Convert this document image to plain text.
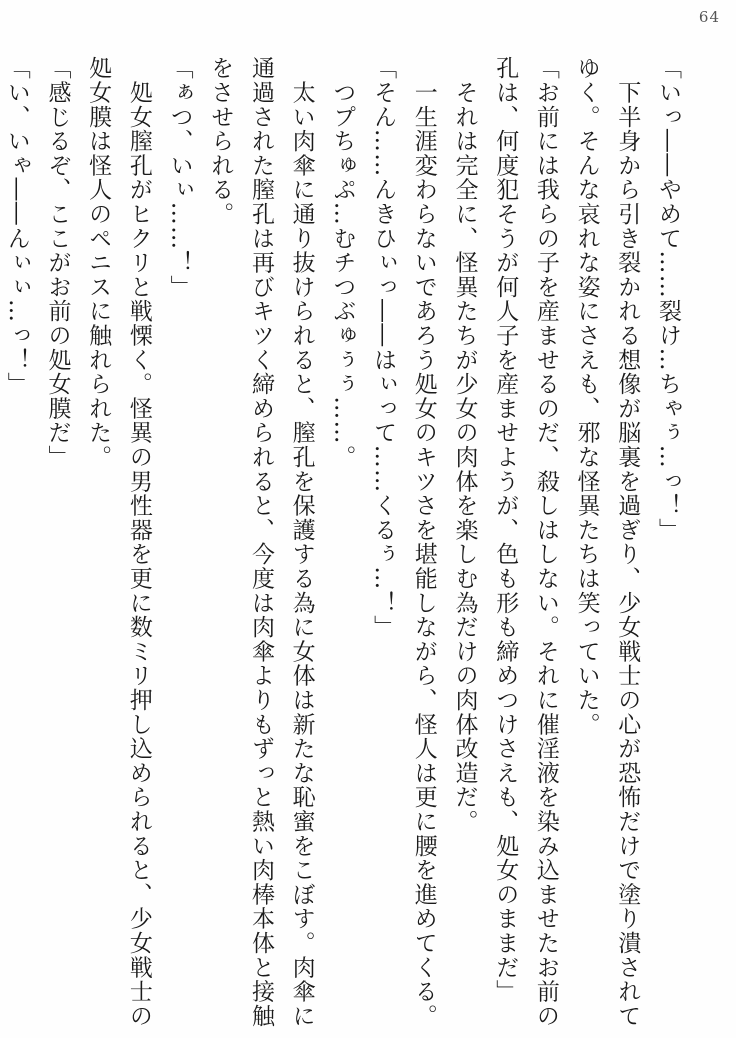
64

「いっ――やめて……裂け…ちゃぅ…っ！」

　下半身から引き裂かれる想像が脳裏を過ぎり、少女戦士の心が恐怖だけで塗り潰されて

ゆく。そんな哀れな姿にさえも、邪な怪異たちは笑っていた。

「お前には我らの子を産ませるのだ、殺しはしない。それに催淫液を染み込ませたお前の

孔は、何度犯そうが何人子を産ませようが、色も形も締めつけさえも、処女のままだ」

　それは完全に、怪異たちが少女の肉体を楽しむ為だけの肉体改造だ。

　一生涯変わらないであろう処女のキツさを堪能しながら、怪人は更に腰を進めてくる。

「そん……んきひぃっ――はぃって……くるぅ…！」

　つプちゅぷ…むチつぶゅぅぅ……。

　太い肉傘に通り抜けられると、膣孔を保護する為に女体は新たな恥蜜をこぼす。肉傘に

通過された膣孔は再びキツく締められると、今度は肉傘よりもずっと熱い肉棒本体と接触

をさせられる。

「ぁつ、いぃ……！」

　処女膣孔がヒクリと戦慄く。怪異の男性器を更に数ミリ押し込められると、少女戦士の

処女膜は怪人のペニスに触れられた。

「感じるぞ、ここがお前の処女膜だ」

「い、いゃ――んぃぃ…っ！」
